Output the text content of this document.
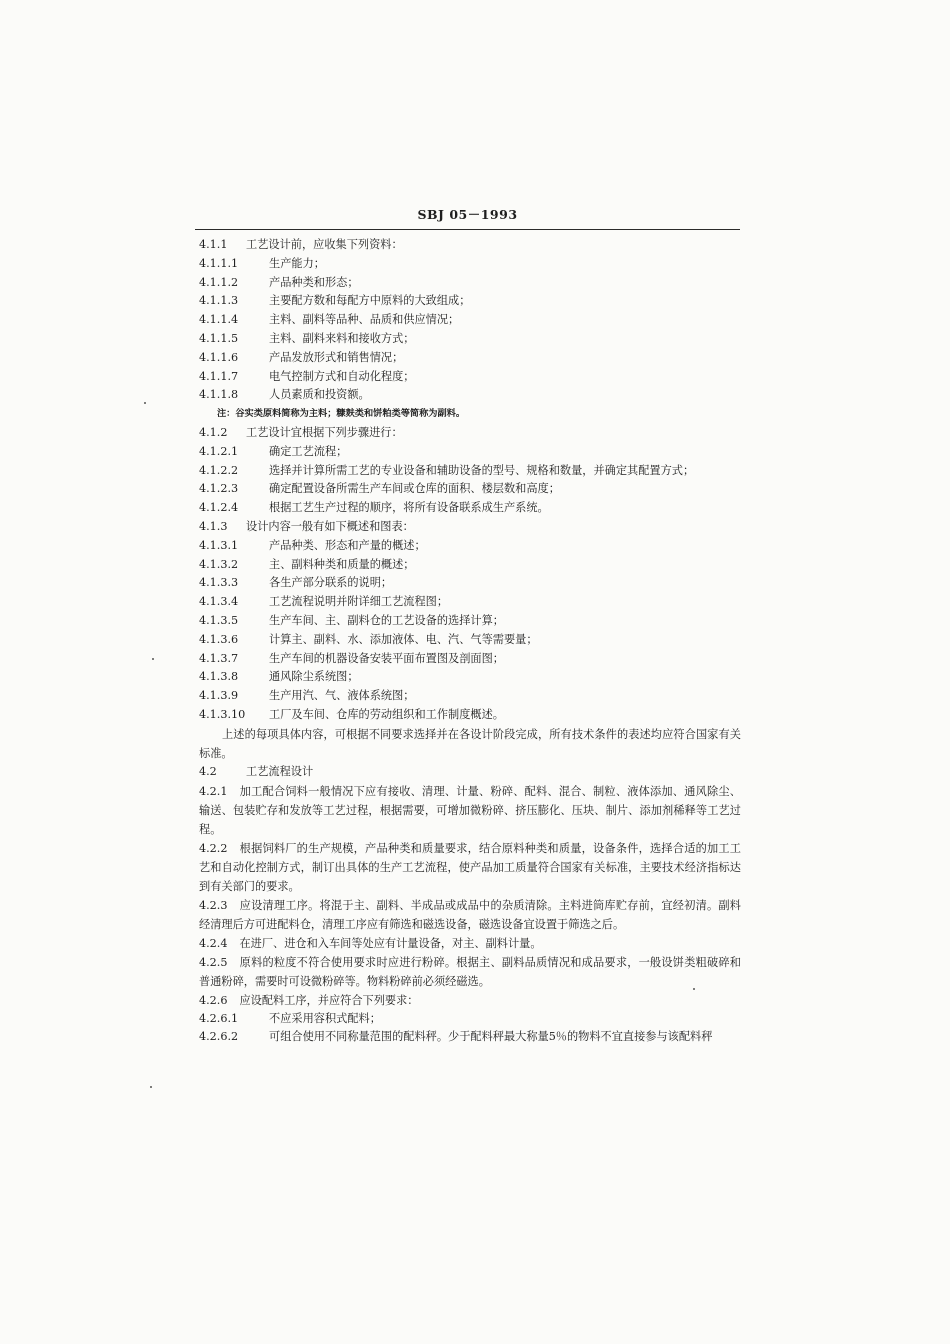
SBJ 05－1993
4.1.1 工艺设计前，应收集下列资料：
4.1.1.1	生产能力；
4.1.1.2	产品种类和形态；
4.1.1.3	主要配方数和每配方中原料的大致组成；
4.1.1.4	主料、副料等品种、品质和供应情况；
4.1.1.5	主料、副料来料和接收方式；
4.1.1.6	产品发放形式和销售情况；
4.1.1.7	电气控制方式和自动化程度；
4.1.1.8	人员素质和投资额。
注：谷实类原料简称为主料；糠麸类和饼粕类等简称为副料。
4.1.2 工艺设计宜根据下列步骤进行：
4.1.2.1	确定工艺流程；
4.1.2.2	选择并计算所需工艺的专业设备和辅助设备的型号、规格和数量，并确定其配置方式；
4.1.2.3	确定配置设备所需生产车间或仓库的面积、楼层数和高度；
4.1.2.4	根据工艺生产过程的顺序，将所有设备联系成生产系统。
4.1.3 设计内容一般有如下概述和图表：
4.1.3.1	产品种类、形态和产量的概述；
4.1.3.2	主、副料种类和质量的概述；
4.1.3.3	各生产部分联系的说明；
4.1.3.4	工艺流程说明并附详细工艺流程图；
4.1.3.5	生产车间、主、副料仓的工艺设备的选择计算；
4.1.3.6	计算主、副料、水、添加液体、电、汽、气等需要量；
4.1.3.7	生产车间的机器设备安装平面布置图及剖面图；
4.1.3.8	通风除尘系统图；
4.1.3.9	生产用汽、气、液体系统图；
4.1.3.10 工厂及车间、仓库的劳动组织和工作制度概述。

上述的每项具体内容，可根据不同要求选择并在各设计阶段完成，所有技术条件的表述均应符合国家有关标准。

4.2	工艺流程设计

4.2.1 加工配合饲料一般情况下应有接收、清理、计量、粉碎、配料、混合、制粒、液体添加、通风除尘、输送、包装贮存和发放等工艺过程，根据需要，可增加微粉碎、挤压膨化、压块、制片、添加剂稀释等工艺过程。

4.2.2 根据饲料厂的生产规模，产品种类和质量要求，结合原料种类和质量，设备条件，选择合适的加工工艺和自动化控制方式，制订出具体的生产工艺流程，使产品加工质量符合国家有关标准，主要技术经济指标达到有关部门的要求。

4.2.3 应设清理工序。将混于主、副料、半成品或成品中的杂质清除。主料进筒库贮存前，宜经初清。副料经清理后方可进配料仓，清理工序应有筛选和磁选设备，磁选设备宜设置于筛选之后。

4.2.4 在进厂、进仓和入车间等处应有计量设备，对主、副料计量。

4.2.5 原料的粒度不符合使用要求时应进行粉碎。根据主、副料品质情况和成品要求，一般设饼类粗破碎和普通粉碎，需要时可设微粉碎等。物料粉碎前必须经磁选。

4.2.6 应设配料工序，并应符合下列要求：

4.2.6.1	不应采用容积式配料；
4.2.6.2	可组合使用不同称量范围的配料秤。少于配料秤最大称量5％的物料不宜直接参与该配料秤
